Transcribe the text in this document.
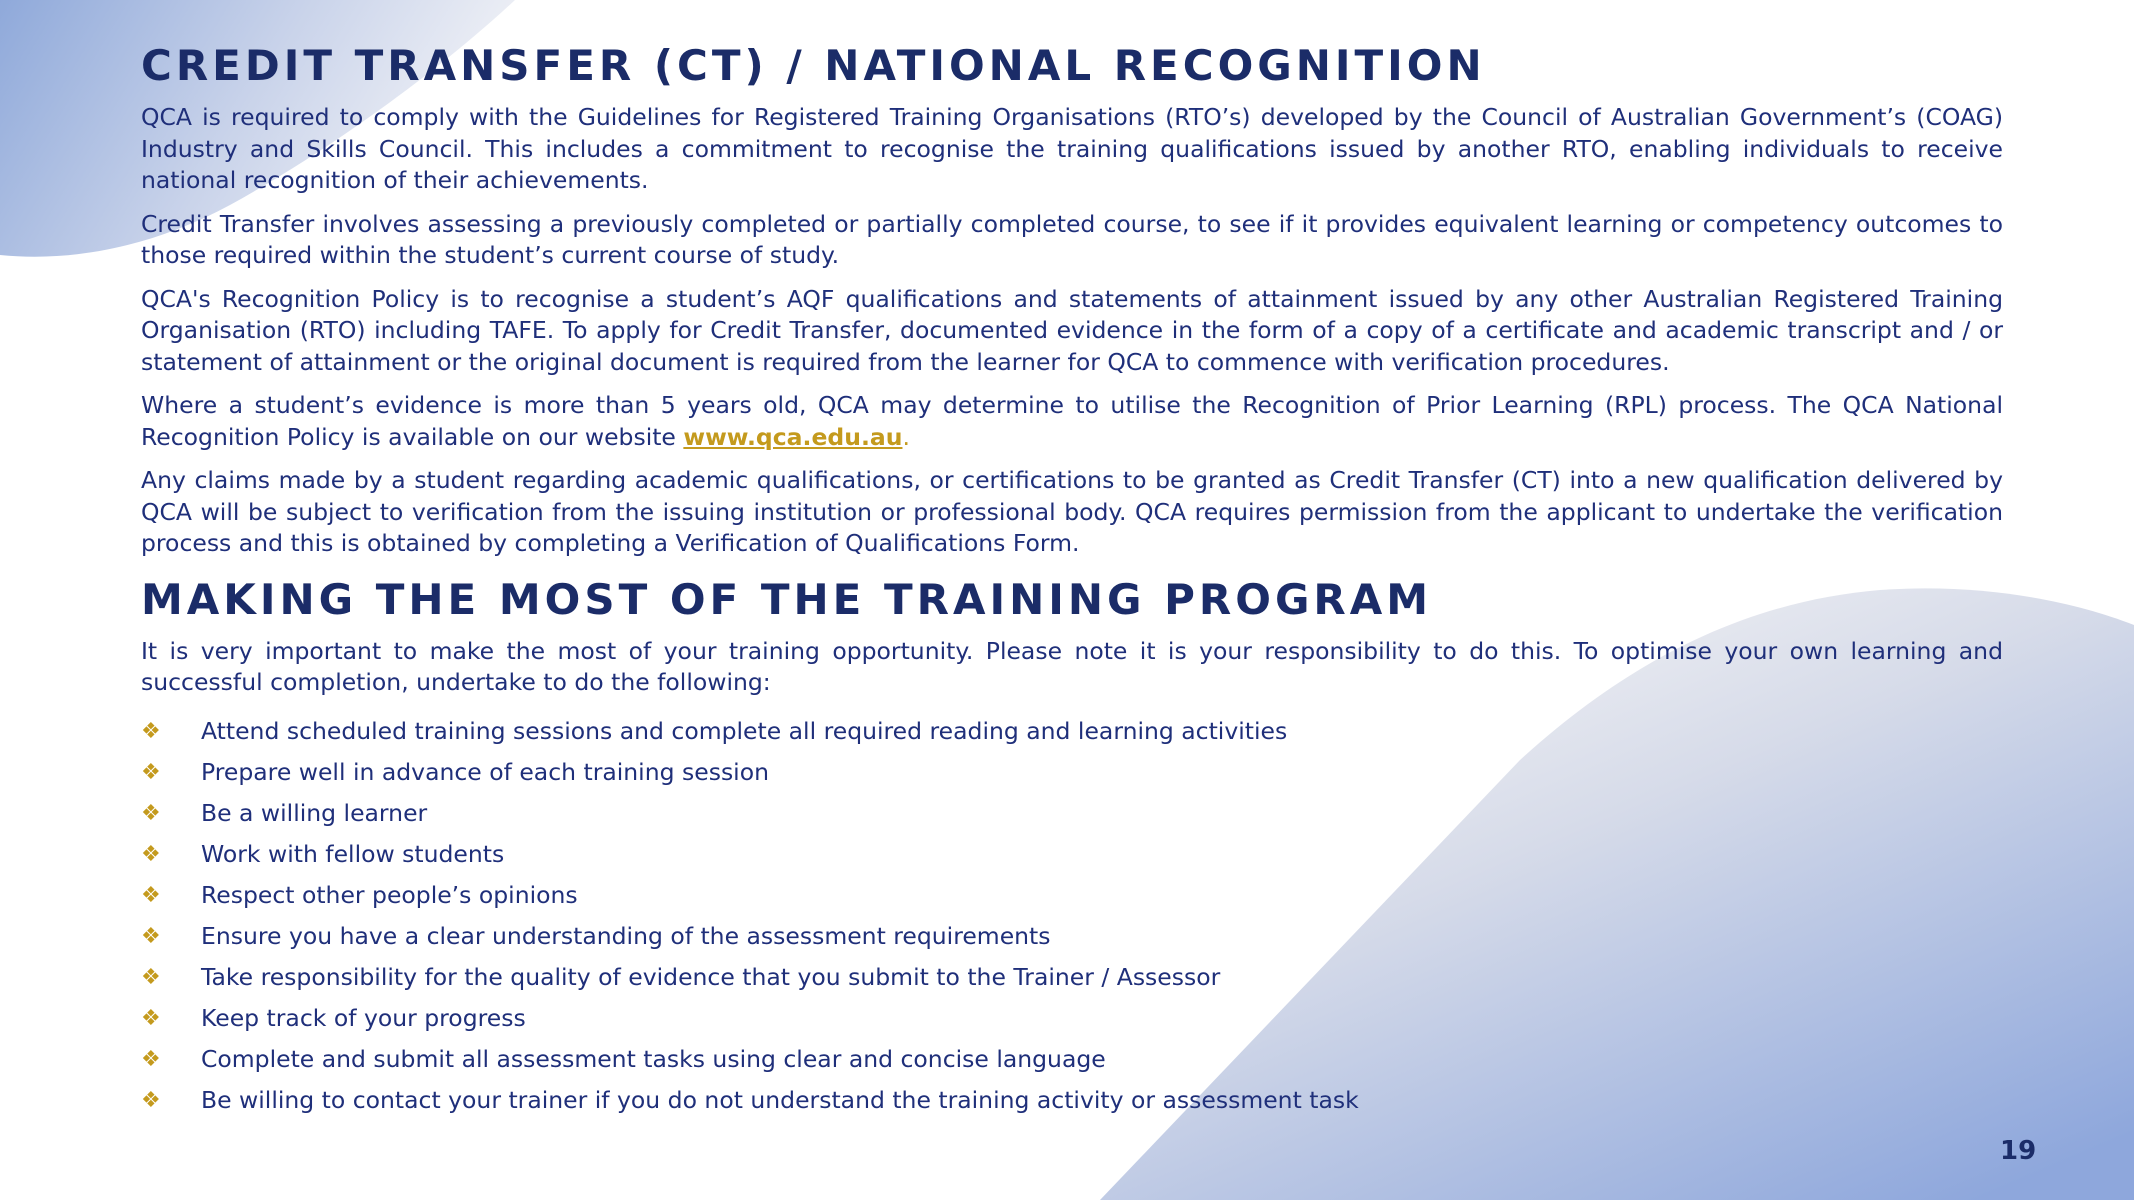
CREDIT TRANSFER (CT) / NATIONAL RECOGNITION

QCA is required to comply with the Guidelines for Registered Training Organisations (RTO’s) developed by the Council of Australian Government’s (COAG) Industry and Skills Council. This includes a commitment to recognise the training qualifications issued by another RTO, enabling individuals to receive national recognition of their achievements.

Credit Transfer involves assessing a previously completed or partially completed course, to see if it provides equivalent learning or competency outcomes to those required within the student’s current course of study.

QCA's Recognition Policy is to recognise a student’s AQF qualifications and statements of attainment issued by any other Australian Registered Training Organisation (RTO) including TAFE. To apply for Credit Transfer, documented evidence in the form of a copy of a certificate and academic transcript and / or statement of attainment or the original document is required from the learner for QCA to commence with verification procedures.

Where a student’s evidence is more than 5 years old, QCA may determine to utilise the Recognition of Prior Learning (RPL) process. The QCA National Recognition Policy is available on our website www.qca.edu.au.

Any claims made by a student regarding academic qualifications, or certifications to be granted as Credit Transfer (CT) into a new qualification delivered by QCA will be subject to verification from the issuing institution or professional body. QCA requires permission from the applicant to undertake the verification process and this is obtained by completing a Verification of Qualifications Form.

MAKING THE MOST OF THE TRAINING PROGRAM

It is very important to make the most of your training opportunity. Please note it is your responsibility to do this. To optimise your own learning and successful completion, undertake to do the following:

❖	Attend scheduled training sessions and complete all required reading and learning activities
❖	Prepare well in advance of each training session
❖	Be a willing learner
❖	Work with fellow students
❖	Respect other people’s opinions
❖	Ensure you have a clear understanding of the assessment requirements
❖	Take responsibility for the quality of evidence that you submit to the Trainer / Assessor
❖	Keep track of your progress
❖	Complete and submit all assessment tasks using clear and concise language
❖	Be willing to contact your trainer if you do not understand the training activity or assessment task
19
